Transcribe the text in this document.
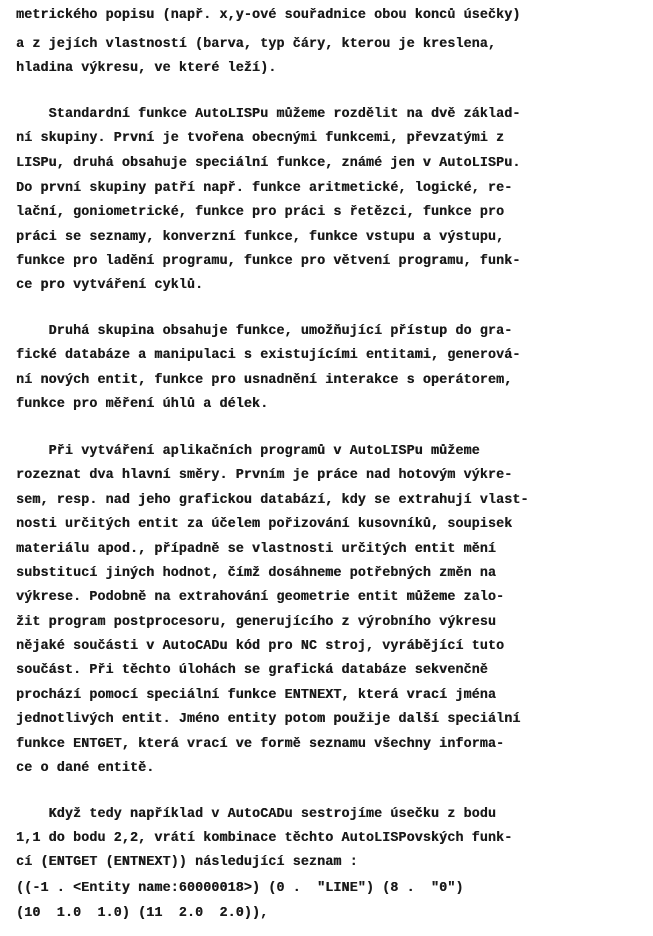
metrického popisu (např. x,y-ové souřadnice obou konců úsečky)

a z jejích vlastností (barva, typ čáry, kterou je kreslena,

hladina výkresu, ve které leží).

Standardní funkce AutoLISPu můžeme rozdělit na dvě základ-

ní skupiny. První je tvořena obecnými funkcemi, převzatými z

LISPu, druhá obsahuje speciální funkce, známé jen v AutoLISPu.

Do první skupiny patří např. funkce aritmetické, logické, re-

lační, goniometrické, funkce pro práci s řetězci, funkce pro

práci se seznamy, konverzní funkce, funkce vstupu a výstupu,

funkce pro ladění programu, funkce pro větvení programu, funk-

ce pro vytváření cyklů.

Druhá skupina obsahuje funkce, umožňující přístup do gra-

fické databáze a manipulaci s existujícími entitami, generová-

ní nových entit, funkce pro usnadnění interakce s operátorem,

funkce pro měření úhlů a délek.

Při vytváření aplikačních programů v AutoLISPu můžeme

rozeznat dva hlavní směry. Prvním je práce nad hotovým výkre-

sem, resp. nad jeho grafickou databází, kdy se extrahují vlast-

nosti určitých entit za účelem pořizování kusovníků, soupisek

materiálu apod., případně se vlastnosti určitých entit mění

substitucí jiných hodnot, čímž dosáhneme potřebných změn na

výkrese. Podobně na extrahování geometrie entit můžeme zalo-

žit program postprocesoru, generujícího z výrobního výkresu

nějaké součásti v AutoCADu kód pro NC stroj, vyrábějící tuto

součást. Při těchto úlohách se grafická databáze sekvenčně

prochází pomocí speciální funkce ENTNEXT, která vrací jména

jednotlivých entit. Jméno entity potom použije další speciální

funkce ENTGET, která vrací ve formě seznamu všechny informa-

ce o dané entitě.

Když tedy například v AutoCADu sestrojíme úsečku z bodu

1,1 do bodu 2,2, vrátí kombinace těchto AutoLISPovských funk-

cí (ENTGET (ENTNEXT)) následující seznam :

((-1 . <Entity name:60000018>) (0 .  "LINE") (8 .  "0")

(10  1.0  1.0) (11  2.0  2.0)),
